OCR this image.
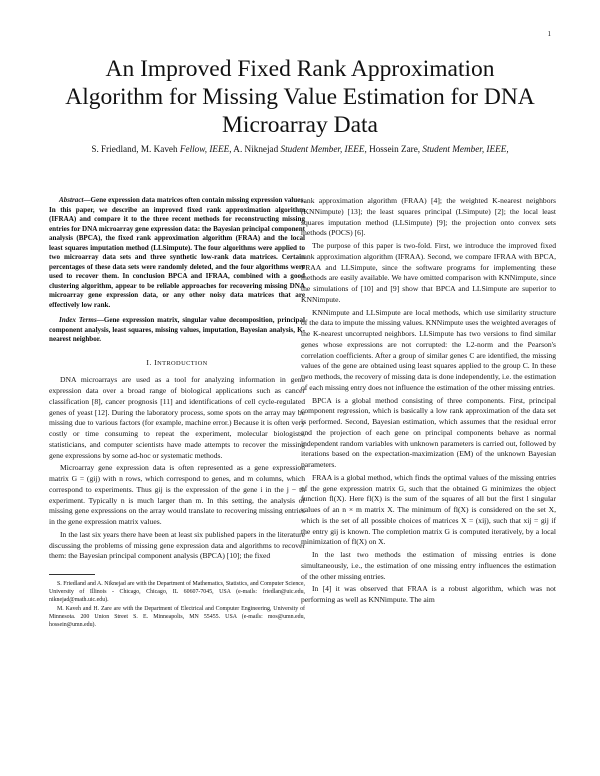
1
An Improved Fixed Rank Approximation Algorithm for Missing Value Estimation for DNA Microarray Data
S. Friedland, M. Kaveh Fellow, IEEE, A. Niknejad Student Member, IEEE, Hossein Zare, Student Member, IEEE,

Abstract—Gene expression data matrices often contain missing expression values. In this paper, we describe an improved fixed rank approximation algorithm (IFRAA) and compare it to the three recent methods for reconstructing missing entries for DNA microarray gene expression data: the Bayesian principal component analysis (BPCA), the fixed rank approximation algorithm (FRAA) and the local least squares imputation method (LLSimpute). The four algorithms were applied to two microarray data sets and three synthetic low-rank data matrices. Certain percentages of these data sets were randomly deleted, and the four algorithms were used to recover them. In conclusion BPCA and IFRAA, combined with a good clustering algorithm, appear to be reliable approaches for recovering missing DNA microarray gene expression data, or any other noisy data matrices that are effectively low rank.

Index Terms—Gene expression matrix, singular value decomposition, principal component analysis, least squares, missing values, imputation, Bayesian analysis, K-nearest neighbor.

I. INTRODUCTION

DNA microarrays are used as a tool for analyzing information in gene expression data over a broad range of biological applications such as cancer classification [8], cancer prognosis [11] and identifications of cell cycle-regulated genes of yeast [12]. During the laboratory process, some spots on the array may be missing due to various factors (for example, machine error.) Because it is often very costly or time consuming to repeat the experiment, molecular biologists, statisticians, and computer scientists have made attempts to recover the missing gene expressions by some ad-hoc or systematic methods.

Microarray gene expression data is often represented as a gene expression matrix G = (gij) with n rows, which correspond to genes, and m columns, which correspond to experiments. Thus gij is the expression of the gene i in the j − th experiment. Typically n is much larger than m. In this setting, the analysis of missing gene expressions on the array would translate to recovering missing entries in the gene expression matrix values.

In the last six years there have been at least six published papers in the literature discussing the problems of missing gene expression data and algorithms to recover them: the Bayesian principal component analysis (BPCA) [10]; the fixed

S. Friedland and A. Niknejad are with the Department of Mathematics, Statistics, and Computer Science, University of Illinois - Chicago, Chicago, IL 60607-7045, USA (e-mails: friedlan@uic.edu, niknejad@math.uic.edu).

M. Kaveh and H. Zare are with the Department of Electrical and Computer Engineering, University of Minnesota. 200 Union Street S. E. Minneapolis, MN 55455. USA (e-mails: mos@umn.edu, hossein@umn.edu).

rank approximation algorithm (FRAA) [4]; the weighted K-nearest neighbors (KNNimpute) [13]; the least squares principal (LSimpute) [2]; the local least squares imputation method (LLSimpute) [9]; the projection onto convex sets methods (POCS) [6].

The purpose of this paper is two-fold. First, we introduce the improved fixed rank approximation algorithm (IFRAA). Second, we compare IFRAA with BPCA, FRAA and LLSimpute, since the software programs for implementing these methods are easily available. We have omitted comparison with KNNimpute, since the simulations of [10] and [9] show that BPCA and LLSimpute are superior to KNNimpute.

KNNimpute and LLSimpute are local methods, which use similarity structure of the data to impute the missing values. KNNimpute uses the weighted averages of the K-nearest uncorrupted neighbors. LLSimpute has two versions to find similar genes whose expressions are not corrupted: the L2-norm and the Pearson's correlation coefficients. After a group of similar genes C are identified, the missing values of the gene are obtained using least squares applied to the group C. In these two methods, the recovery of missing data is done independently, i.e. the estimation of each missing entry does not influence the estimation of the other missing entries.

BPCA is a global method consisting of three components. First, principal component regression, which is basically a low rank approximation of the data set is performed. Second, Bayesian estimation, which assumes that the residual error and the projection of each gene on principal components behave as normal independent random variables with unknown parameters is carried out, followed by iterations based on the expectation-maximization (EM) of the unknown Bayesian parameters.

FRAA is a global method, which finds the optimal values of the missing entries of the gene expression matrix G, such that the obtained G minimizes the object function fl(X). Here fl(X) is the sum of the squares of all but the first l singular values of an n × m matrix X. The minimum of fl(X) is considered on the set X, which is the set of all possible choices of matrices X = (xij), such that xij = gij if the entry gij is known. The completion matrix G is computed iteratively, by a local minimization of fl(X) on X.

In the last two methods the estimation of missing entries is done simultaneously, i.e., the estimation of one missing entry influences the estimation of the other missing entries.

In [4] it was observed that FRAA is a robust algorithm, which was not performing as well as KNNimpute. The aim
